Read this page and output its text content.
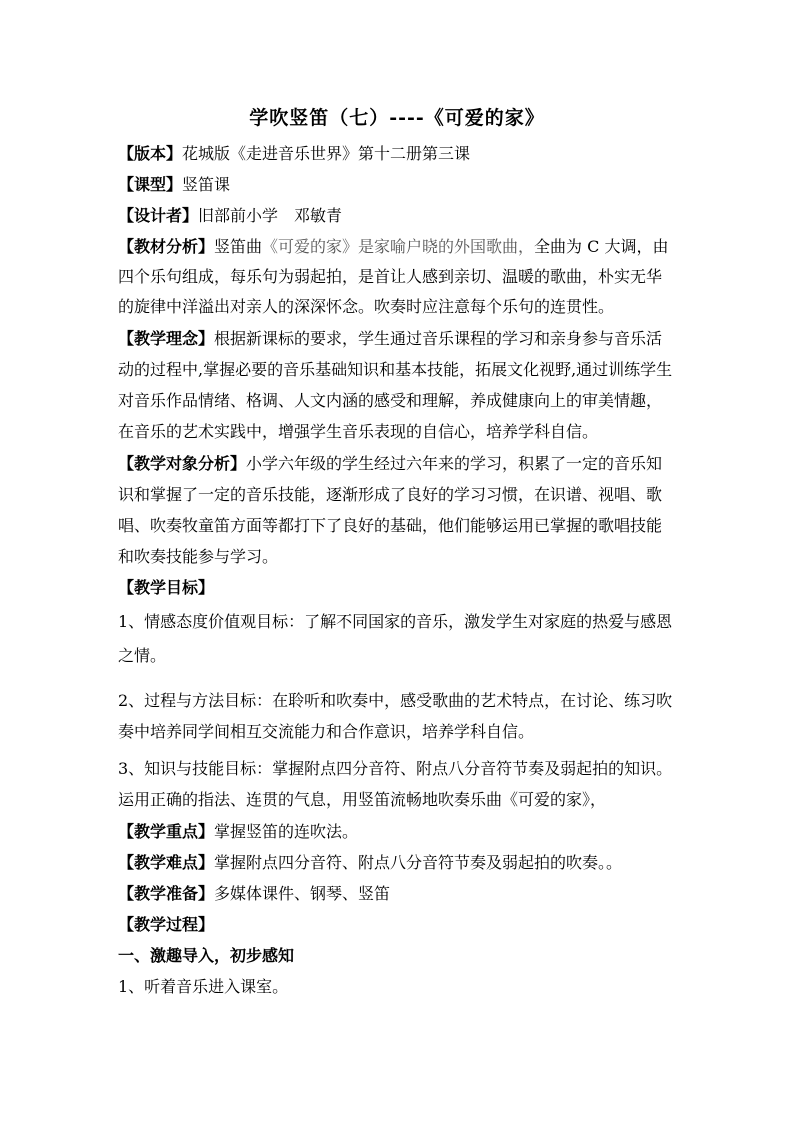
学吹竖笛（七）----《可爱的家》
【版本】花城版《走进音乐世界》第十二册第三课
【课型】竖笛课
【设计者】旧部前小学　邓敏青
【教材分析】竖笛曲《可爱的家》是家喻户晓的外国歌曲，全曲为 C 大调，由
四个乐句组成，每乐句为弱起拍，是首让人感到亲切、温暖的歌曲，朴实无华
的旋律中洋溢出对亲人的深深怀念。吹奏时应注意每个乐句的连贯性。
【教学理念】根据新课标的要求，学生通过音乐课程的学习和亲身参与音乐活
动的过程中,掌握必要的音乐基础知识和基本技能，拓展文化视野,通过训练学生
对音乐作品情绪、格调、人文内涵的感受和理解，养成健康向上的审美情趣，
在音乐的艺术实践中，增强学生音乐表现的自信心，培养学科自信。
【教学对象分析】小学六年级的学生经过六年来的学习，积累了一定的音乐知
识和掌握了一定的音乐技能，逐渐形成了良好的学习习惯，在识谱、视唱、歌
唱、吹奏牧童笛方面等都打下了良好的基础，他们能够运用已掌握的歌唱技能
和吹奏技能参与学习。
【教学目标】
1、情感态度价值观目标：了解不同国家的音乐，激发学生对家庭的热爱与感恩
之情。
2、过程与方法目标：在聆听和吹奏中，感受歌曲的艺术特点，在讨论、练习吹
奏中培养同学间相互交流能力和合作意识，培养学科自信。
3、知识与技能目标：掌握附点四分音符、附点八分音符节奏及弱起拍的知识。
运用正确的指法、连贯的气息，用竖笛流畅地吹奏乐曲《可爱的家》，
【教学重点】掌握竖笛的连吹法。
【教学难点】掌握附点四分音符、附点八分音符节奏及弱起拍的吹奏。。
【教学准备】多媒体课件、钢琴、竖笛
【教学过程】
一、激趣导入，初步感知
1、听着音乐进入课室。
